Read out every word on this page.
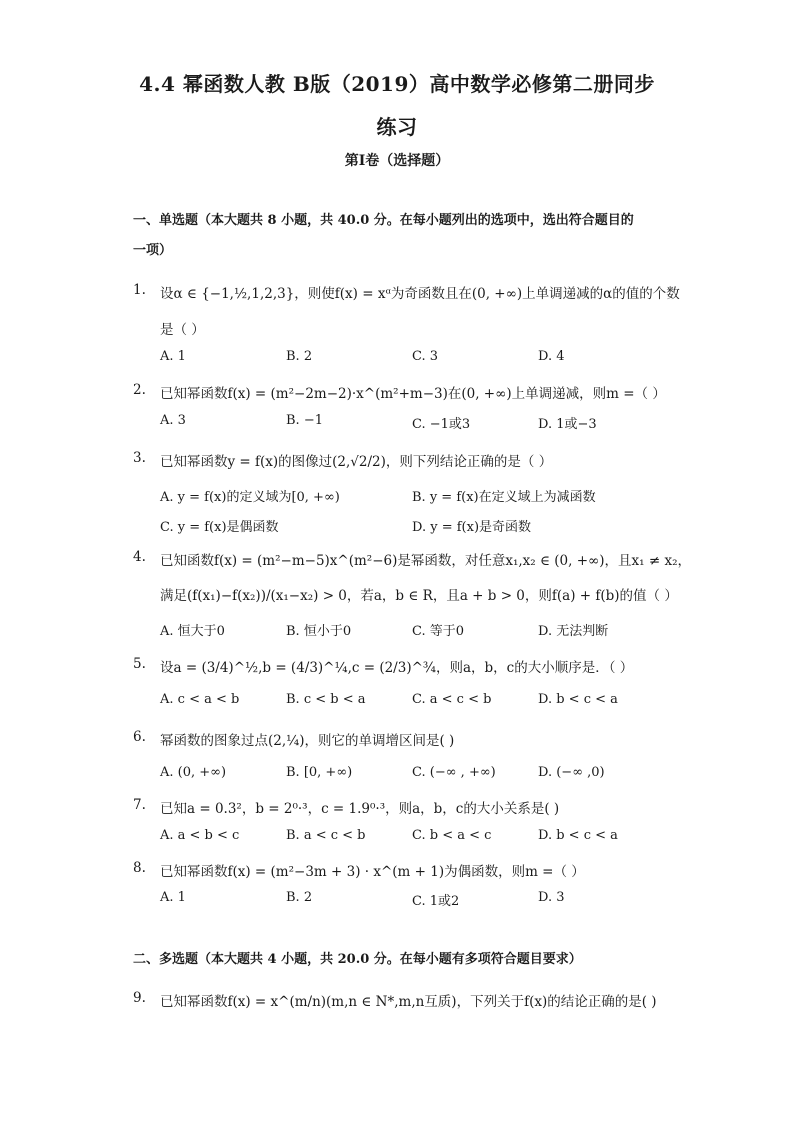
4.4 幂函数人教 B版（2019）高中数学必修第二册同步
练习
第I卷（选择题）
一、单选题（本大题共 8 小题，共 40.0 分。在每小题列出的选项中，选出符合题目的
一项）
1. 设α ∈ {−1,½,1,2,3}，则使f(x) = xᵅ为奇函数且在(0, +∞)上单调递减的α的值的个数
是（ ）
A. 1	B. 2	C. 3	D. 4
2. 已知幂函数f(x) = (m²−2m−2)·x^(m²+m−3)在(0, +∞)上单调递减，则m =（ ）
A. 3	B. −1	C. −1或3	D. 1或−3
3. 已知幂函数y = f(x)的图像过(2,√2/2)，则下列结论正确的是（ ）
A. y = f(x)的定义域为[0, +∞)	B. y = f(x)在定义域上为减函数
C. y = f(x)是偶函数	D. y = f(x)是奇函数
4. 已知函数f(x) = (m²−m−5)x^(m²−6)是幂函数，对任意x₁,x₂ ∈ (0, +∞)，且x₁ ≠ x₂，
满足(f(x₁)−f(x₂))/(x₁−x₂) > 0，若a，b ∈ R，且a + b > 0，则f(a) + f(b)的值（ ）
A. 恒大于0	B. 恒小于0	C. 等于0	D. 无法判断
5. 设a = (3/4)^½,b = (4/3)^¼,c = (2/3)^¾，则a，b，c的大小顺序是．（ ）
A. c < a < b	B. c < b < a	C. a < c < b	D. b < c < a
6. 幂函数的图象过点(2,¼)，则它的单调增区间是( )
A. (0, +∞)	B. [0, +∞)	C. (−∞ , +∞)	D. (−∞ ,0)
7. 已知a = 0.3²，b = 2⁰·³，c = 1.9⁰·³，则a，b，c的大小关系是( )
A. a < b < c	B. a < c < b	C. b < a < c	D. b < c < a
8. 已知幂函数f(x) = (m²−3m + 3) · x^(m + 1)为偶函数，则m =（ ）
A. 1	B. 2	C. 1或2	D. 3
二、多选题（本大题共 4 小题，共 20.0 分。在每小题有多项符合题目要求）
9. 已知幂函数f(x) = x^(m/n)(m,n ∈ N*,m,n互质)，下列关于f(x)的结论正确的是( )
